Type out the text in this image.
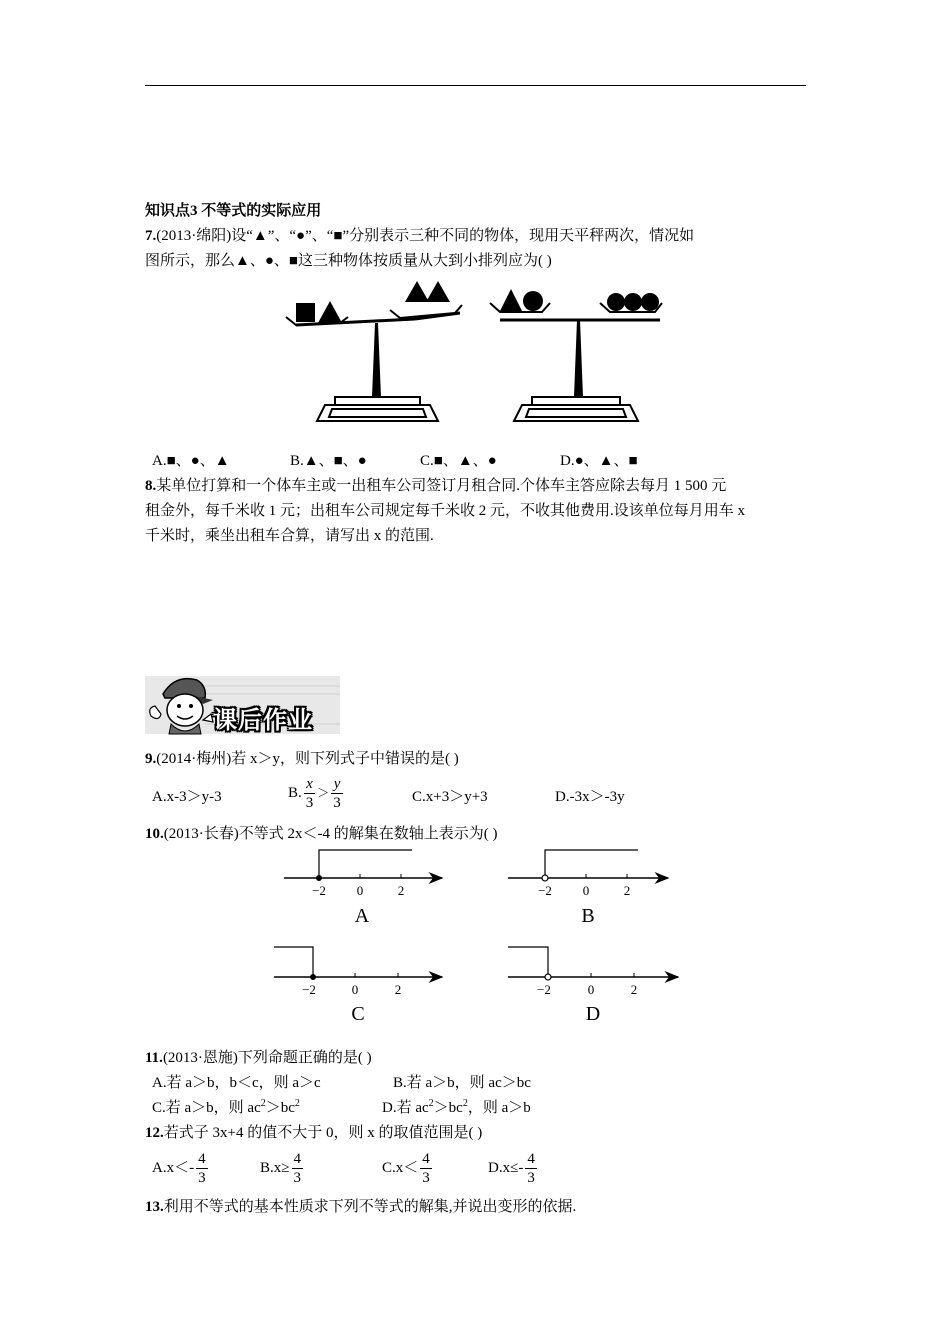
知识点3 不等式的实际应用
7.(2013·绵阳)设“▲”、“●”、“■”分别表示三种不同的物体，现用天平秤两次，情况如
图所示，那么▲、●、■这三种物体按质量从大到小排列应为( )
A.■、●、▲	B.▲、■、●	C.■、▲、●	D.●、▲、■
8.某单位打算和一个体车主或一出租车公司签订月租合同.个体车主答应除去每月 1 500 元
租金外，每千米收 1 元；出租车公司规定每千米收 2 元，不收其他费用.设该单位每月用车 x
千米时，乘坐出租车合算，请写出 x 的范围.
课后作业
9.(2014·梅州)若 x＞y，则下列式子中错误的是( )
A.x-3＞y-3	B. $\frac{x}{3} > \frac{y}{3}$	C.x+3＞y+3	D.-3x＞-3y
10.(2013·长春)不等式 2x＜-4 的解集在数轴上表示为( )
−2 0	2
A
−2 0	2
B
−2	0	2
C
−2	0	2
D
11.(2013·恩施)下列命题正确的是( )
A.若 a＞b，b＜c，则 a＞c	B.若 a＞b，则 ac＞bc
C.若 a＞b，则 $ac^2>bc^2$	D.若 $ac^2>bc^2$，则 a＞b
12.若式子 3x+4 的值不大于 0，则 x 的取值范围是( )
$A.x<- \frac{4}{3}$	$B.x\ge \frac{4}{3}$	$C.x< \frac{4}{3}$	$D.x\le- \frac{4}{3}$
13.利用不等式的基本性质求下列不等式的解集,并说出变形的依据.
